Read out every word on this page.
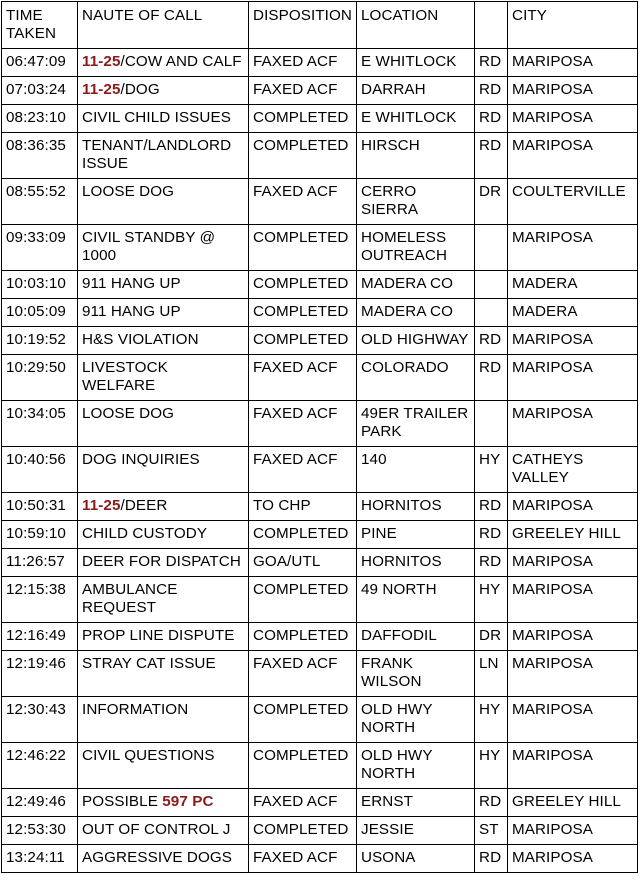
TIME TAKEN	NAUTE OF CALL	DISPOSITION	LOCATION		CITY
06:47:09	11-25/COW AND CALF	FAXED ACF	E WHITLOCK	RD	MARIPOSA
07:03:24	11-25/DOG	FAXED ACF	DARRAH	RD	MARIPOSA
08:23:10	CIVIL CHILD ISSUES	COMPLETED	E WHITLOCK	RD	MARIPOSA
08:36:35	TENANT/LANDLORD ISSUE	COMPLETED	HIRSCH	RD	MARIPOSA
08:55:52	LOOSE DOG	FAXED ACF	CERRO SIERRA	DR	COULTERVILLE
09:33:09	CIVIL STANDBY @ 1000	COMPLETED	HOMELESS OUTREACH		MARIPOSA
10:03:10	911 HANG UP	COMPLETED	MADERA CO		MADERA
10:05:09	911 HANG UP	COMPLETED	MADERA CO		MADERA
10:19:52	H&S VIOLATION	COMPLETED	OLD HIGHWAY	RD	MARIPOSA
10:29:50	LIVESTOCK WELFARE	FAXED ACF	COLORADO	RD	MARIPOSA
10:34:05	LOOSE DOG	FAXED ACF	49ER TRAILER PARK		MARIPOSA
10:40:56	DOG INQUIRIES	FAXED ACF	140	HY	CATHEYS VALLEY
10:50:31	11-25/DEER	TO CHP	HORNITOS	RD	MARIPOSA
10:59:10	CHILD CUSTODY	COMPLETED	PINE	RD	GREELEY HILL
11:26:57	DEER FOR DISPATCH	GOA/UTL	HORNITOS	RD	MARIPOSA
12:15:38	AMBULANCE REQUEST	COMPLETED	49 NORTH	HY	MARIPOSA
12:16:49	PROP LINE DISPUTE	COMPLETED	DAFFODIL	DR	MARIPOSA
12:19:46	STRAY CAT ISSUE	FAXED ACF	FRANK WILSON	LN	MARIPOSA
12:30:43	INFORMATION	COMPLETED	OLD HWY NORTH	HY	MARIPOSA
12:46:22	CIVIL QUESTIONS	COMPLETED	OLD HWY NORTH	HY	MARIPOSA
12:49:46	POSSIBLE 597 PC	FAXED ACF	ERNST	RD	GREELEY HILL
12:53:30	OUT OF CONTROL J	COMPLETED	JESSIE	ST	MARIPOSA
13:24:11	AGGRESSIVE DOGS	FAXED ACF	USONA	RD	MARIPOSA
